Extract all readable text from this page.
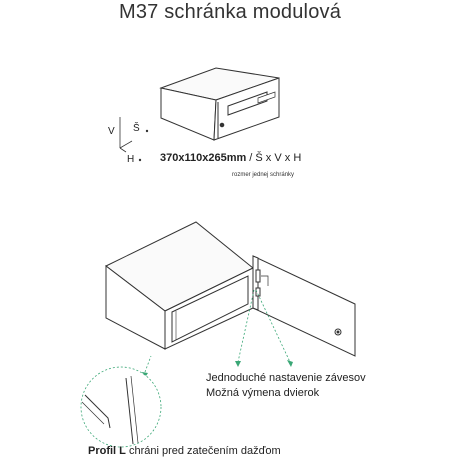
M37 schránka modulová
V Š
H 370x110x265mm / Š x V x H
rozmer jednej schránky
Jednoduché nastavenie závesov
Možná výmena dvierok
Profil L chráni pred zatečením dažďom
